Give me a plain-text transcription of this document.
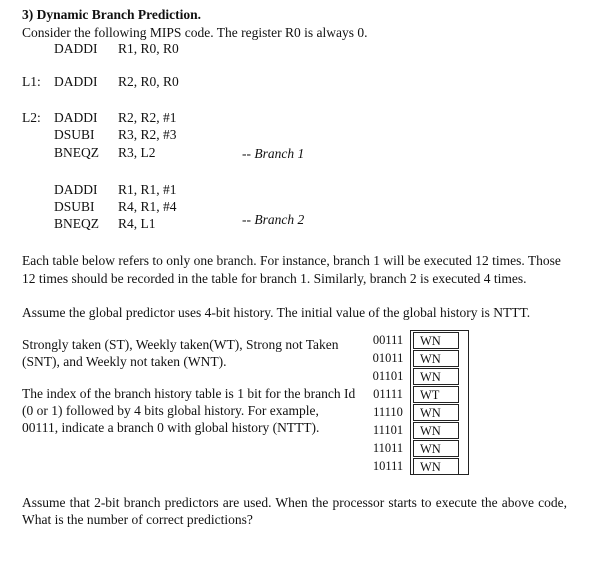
3) Dynamic Branch Prediction.
Consider the following MIPS code. The register R0 is always 0.
DADDI R1, R0, R0
L1: DADDI R2, R0, R0
L2: DADDI R2, R2, #1
DSUBI R3, R2, #3
BNEQZ R3, L2	-- Branch 1
DADDI R1, R1, #1
DSUBI R4, R1, #4
BNEQZ R4, L1	-- Branch 2
Each table below refers to only one branch. For instance, branch 1 will be executed 12 times. Those 12 times should be recorded in the table for branch 1. Similarly, branch 2 is executed 4 times.
Assume the global predictor uses 4-bit history. The initial value of the global history is NTTT.
Strongly taken (ST), Weekly taken(WT), Strong not Taken (SNT), and Weekly not taken (WNT).
The index of the branch history table is 1 bit for the branch Id (0 or 1) followed by 4 bits global history. For example, 00111, indicate a branch 0 with global history (NTTT).
00111	WN
01011	WN
01101	WN
01111	WT
11110	WN
11101	WN
11011	WN
10111	WN
Assume that 2-bit branch predictors are used. When the processor starts to execute the above code, What is the number of correct predictions?
